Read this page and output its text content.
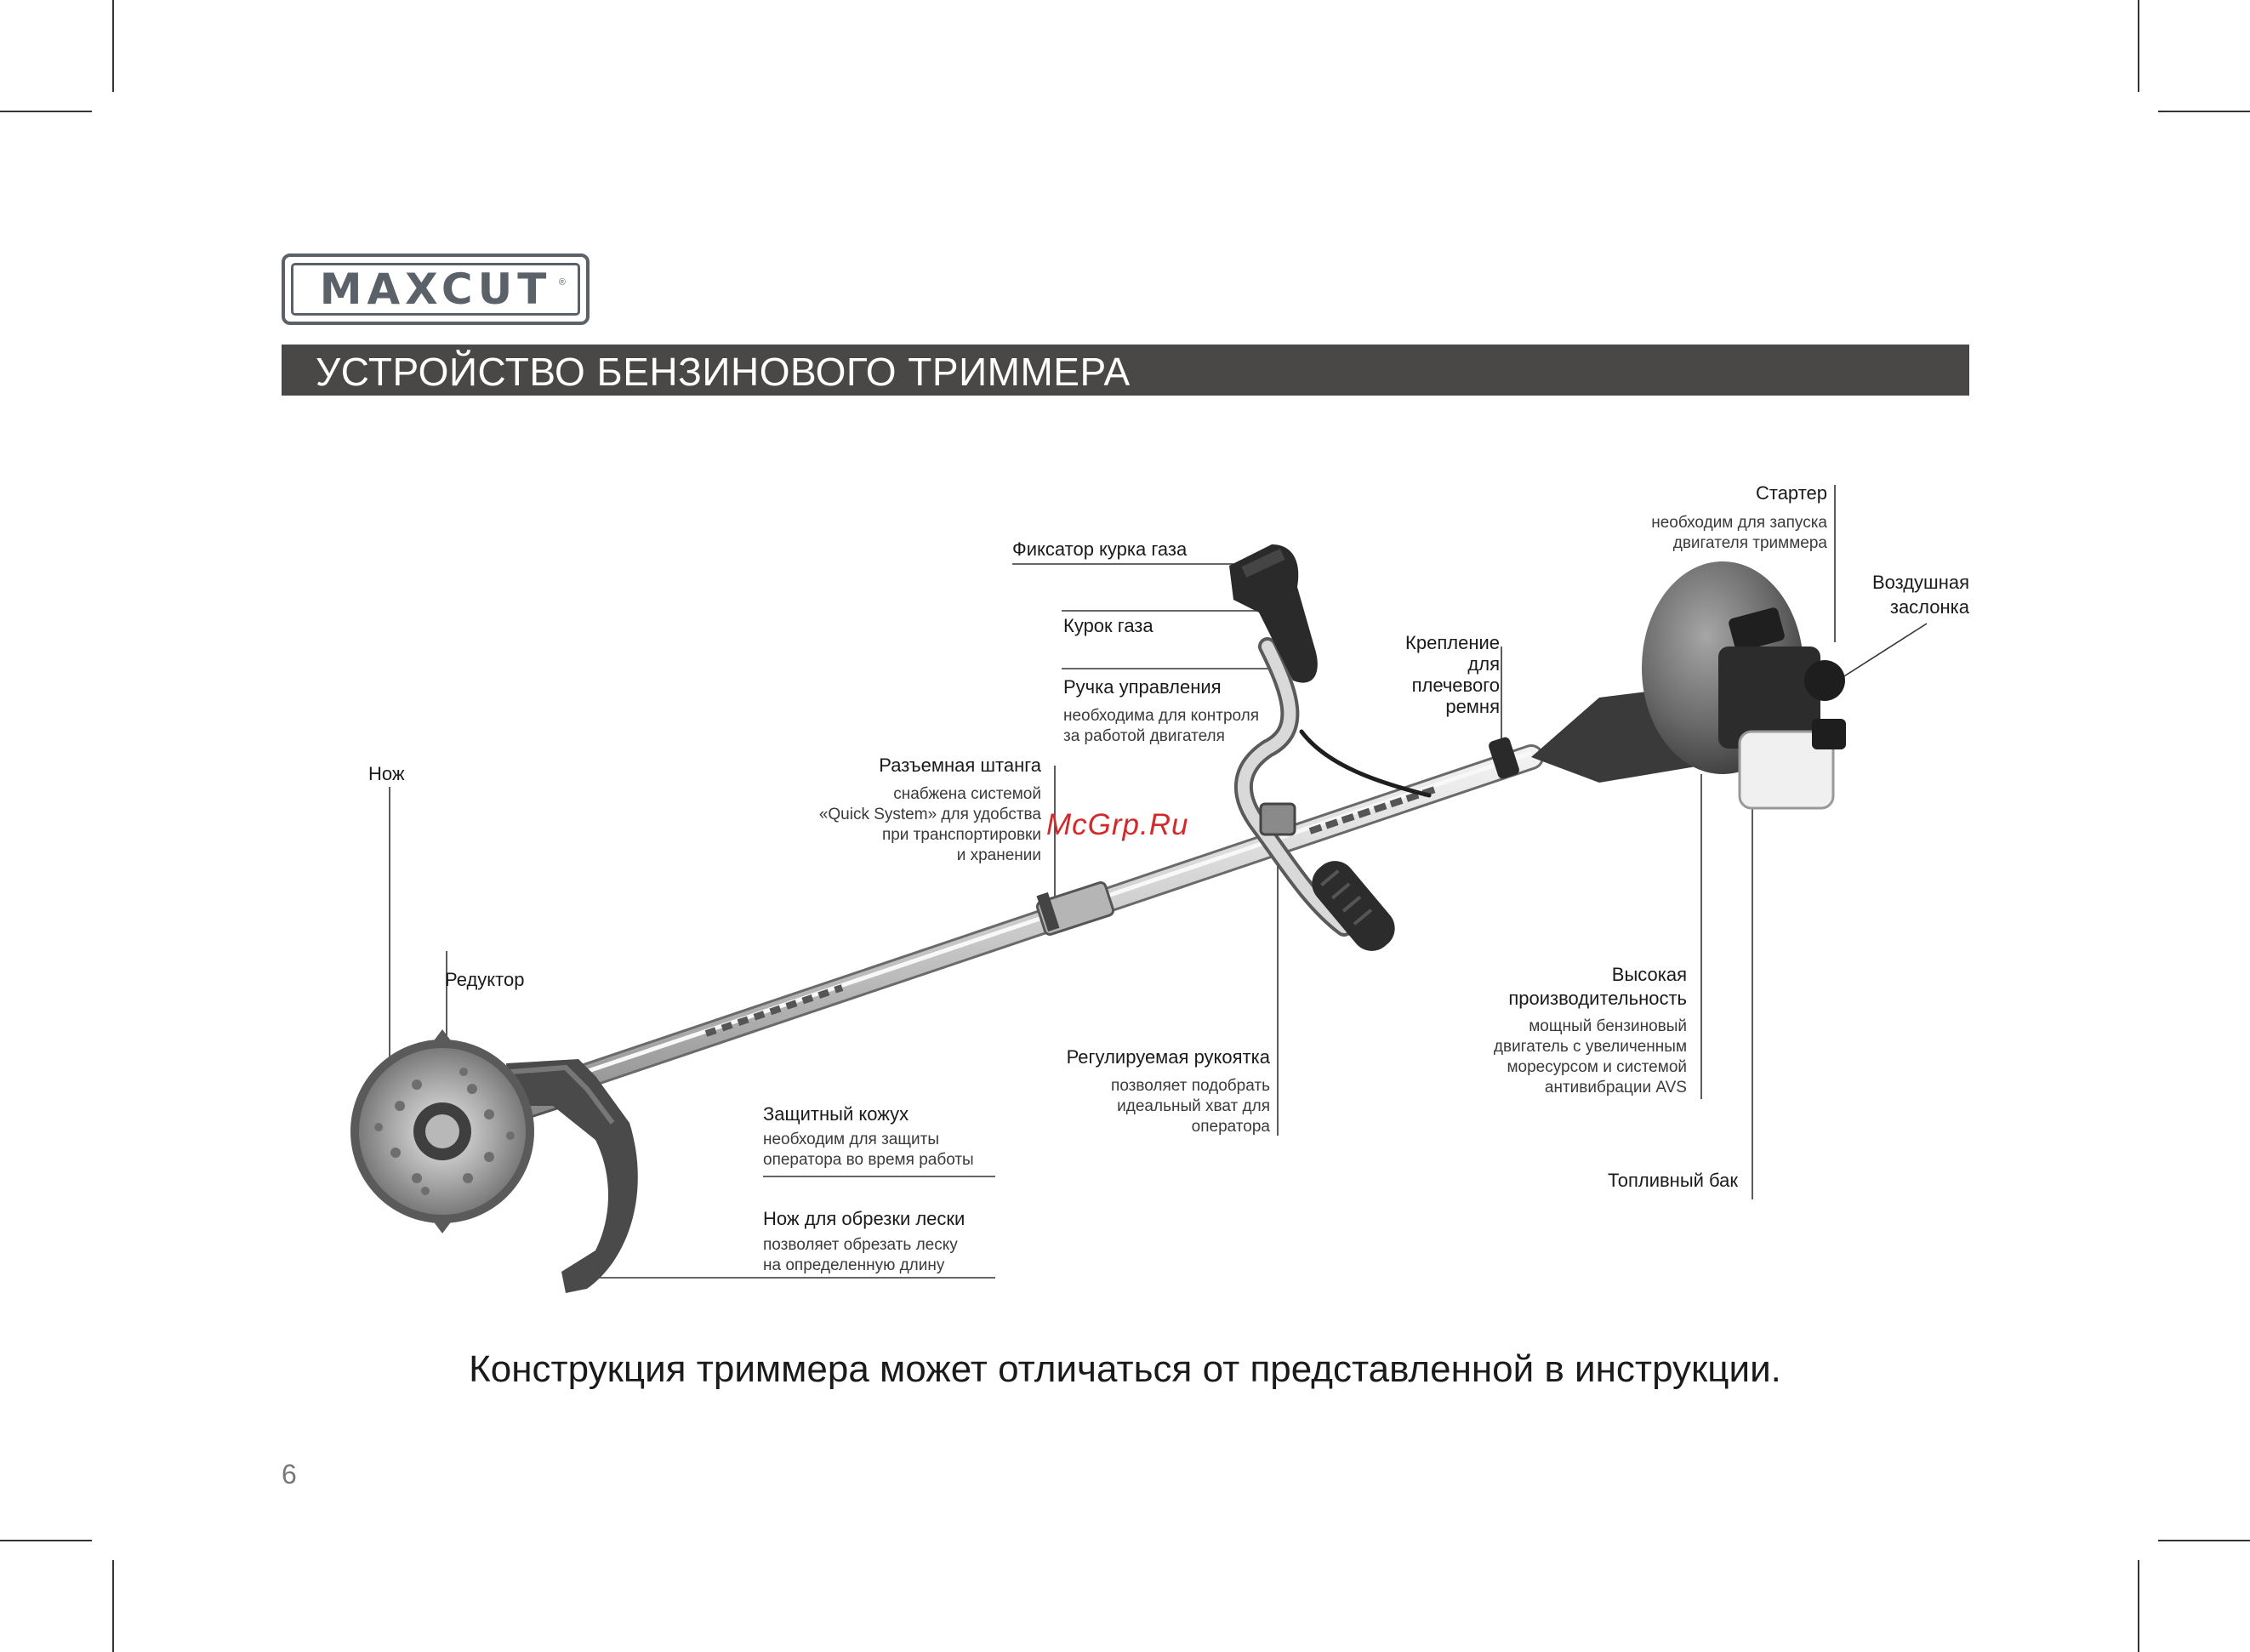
MAXCUT ®
УСТРОЙСТВО БЕНЗИНОВОГО ТРИММЕРА
Стартер
необходим для запуска
двигателя триммера
Воздушная
заслонка
Фиксатор курка газа
Курок газа
Ручка управления
необходима для контроля
за работой двигателя
Крепление
для
плечевого
ремня
Разъемная штанга
снабжена системой
«Quick System» для удобства
при транспортировки
и хранении
Нож
Редуктор
Защитный кожух
необходим для защиты
оператора во время работы
Нож для обрезки лески
позволяет обрезать леску
на определенную длину
Регулируемая рукоятка
позволяет подобрать
идеальный хват для
оператора
Высокая
производительность
мощный бензиновый
двигатель с увеличенным
моресурсом и системой
антивибрации AVS
Топливный бак
McGrp.Ru
Конструкция триммера может отличаться от представленной в инструкции.
6
